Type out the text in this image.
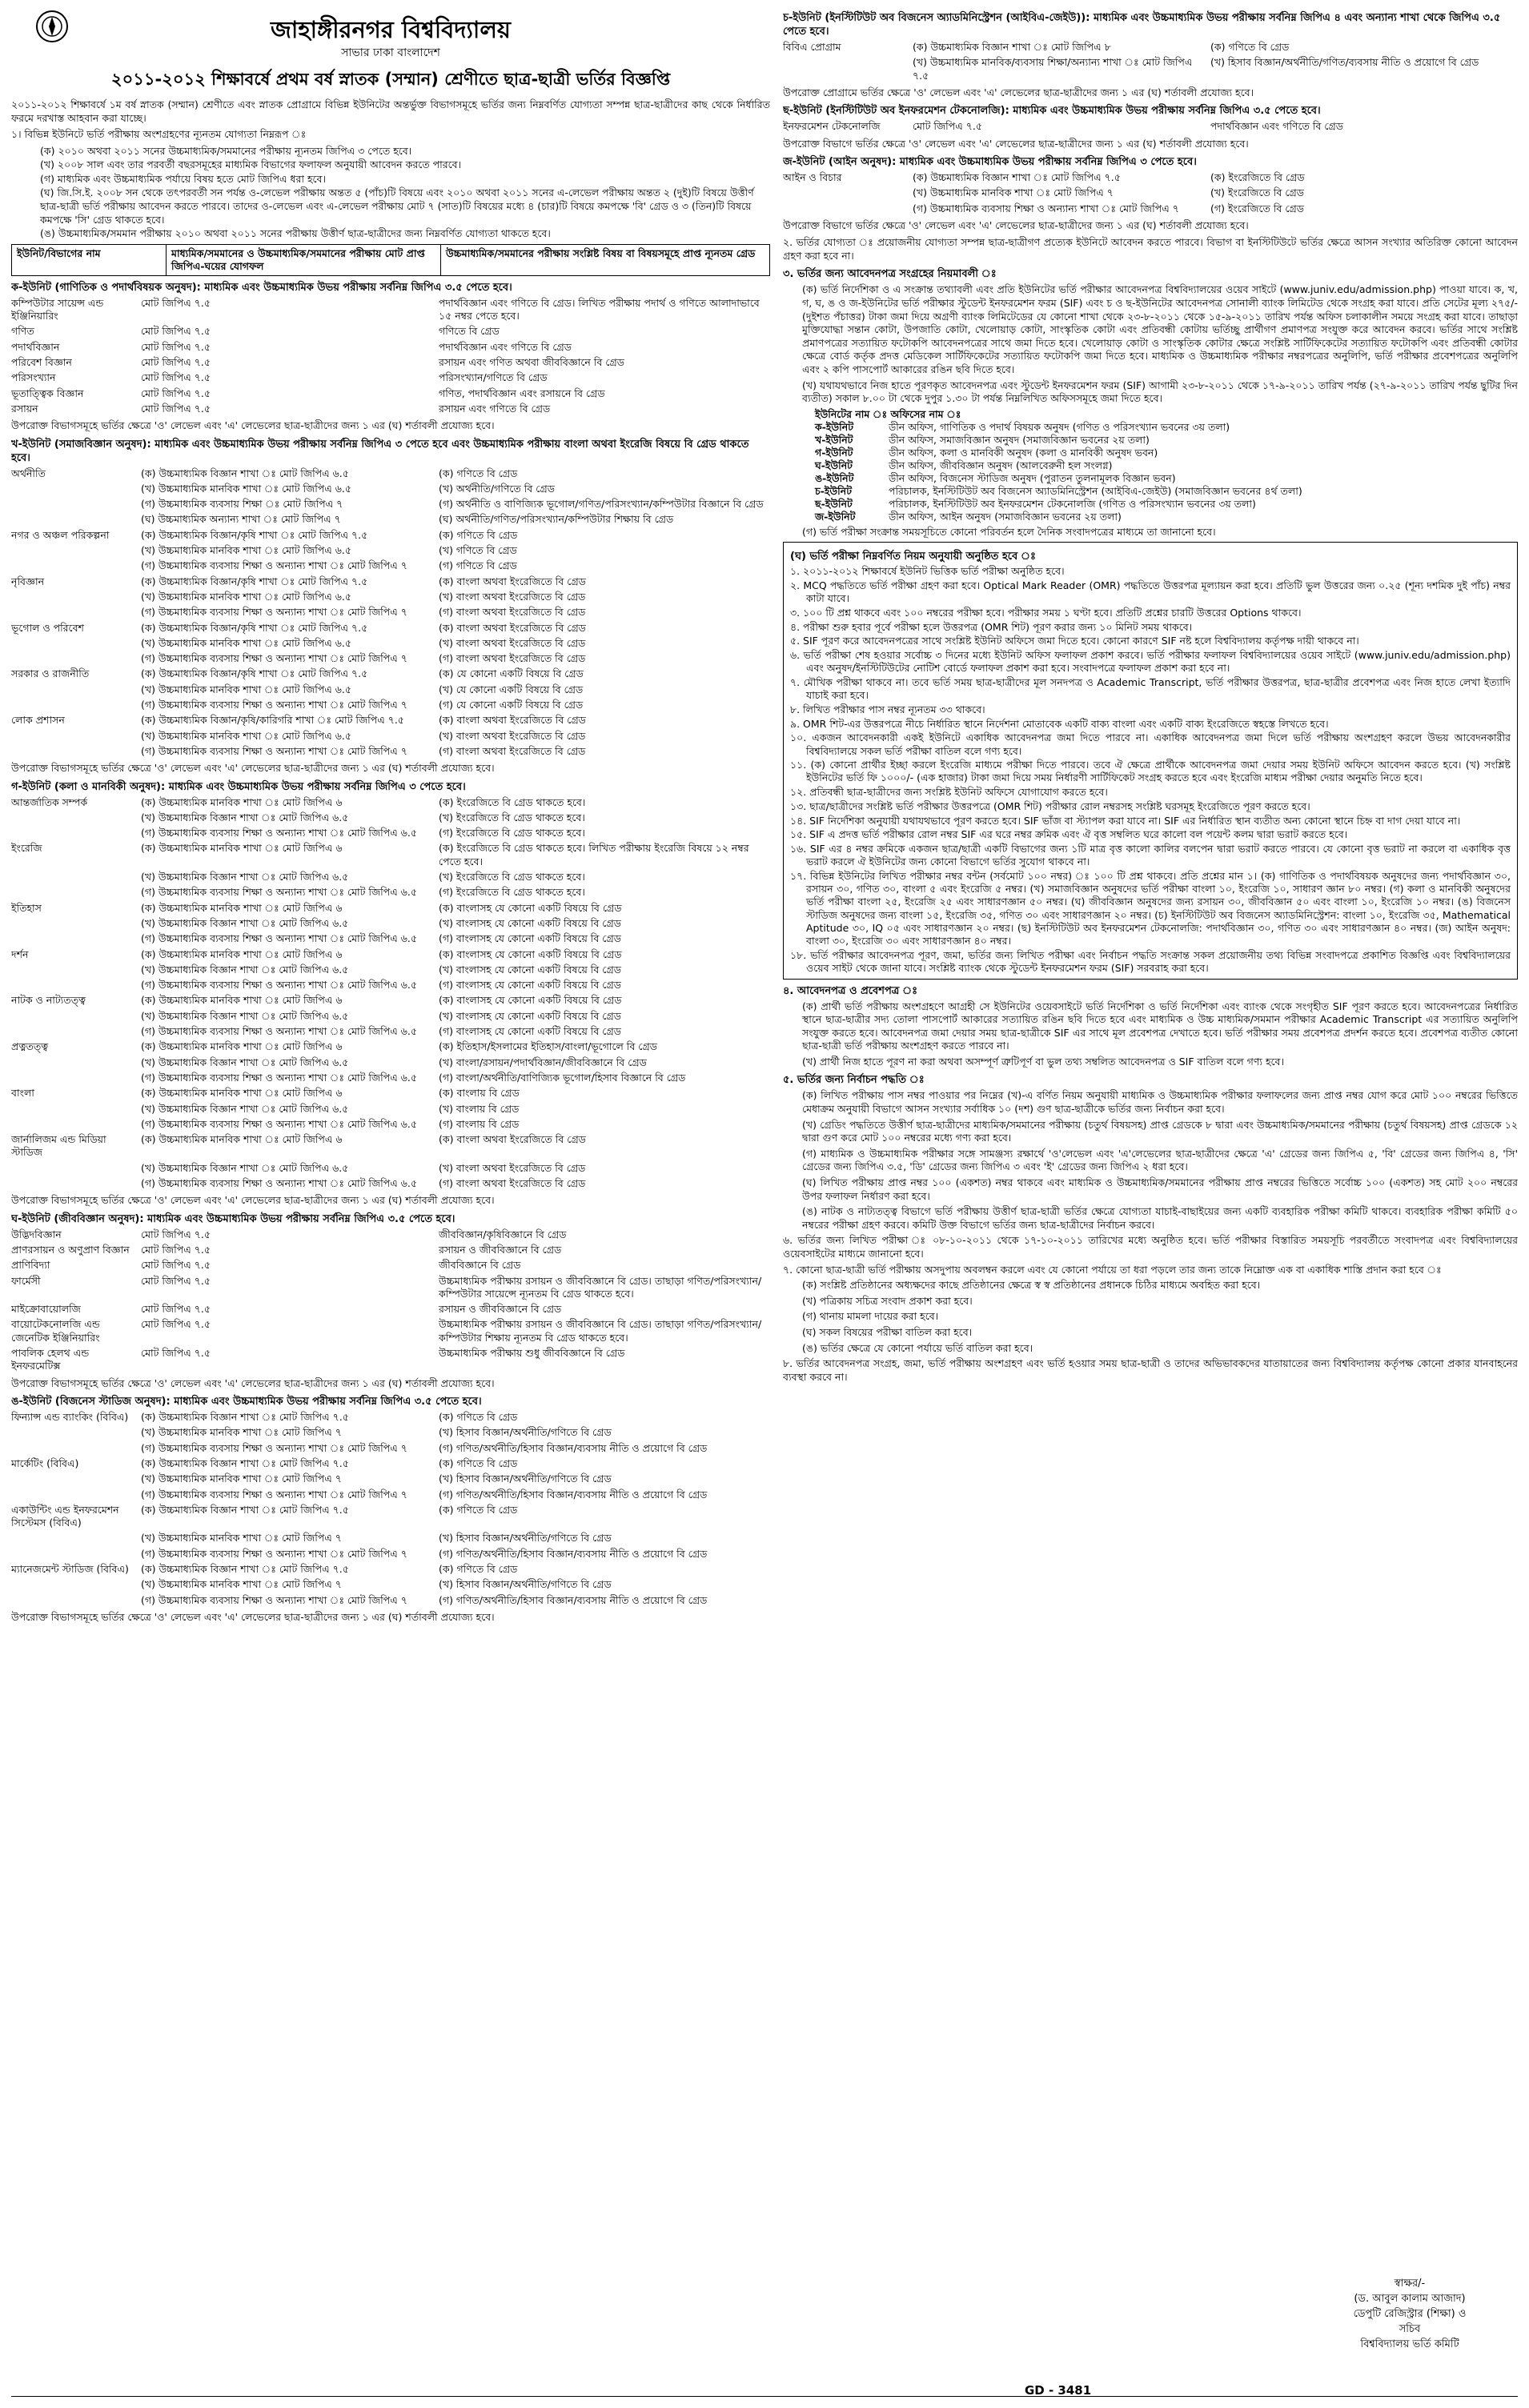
জাহাঙ্গীরনগর বিশ্ববিদ্যালয়
সাভার ঢাকা বাংলাদেশ
২০১১-২০১২ শিক্ষাবর্ষে প্রথম বর্ষ স্নাতক (সম্মান) শ্রেণীতে ছাত্র-ছাত্রী ভর্তির বিজ্ঞপ্তি
২০১১-২০১২ শিক্ষাবর্ষে ১ম বর্ষ স্নাতক (সম্মান) শ্রেণীতে এবং স্নাতক প্রোগ্রামে বিভিন্ন ইউনিটের অন্তর্ভুক্ত বিভাগসমূহে ভর্তির জন্য নিম্নবর্ণিত যোগ্যতা সম্পন্ন ছাত্র-ছাত্রীদের কাছ থেকে নির্ধারিত ফরমে দরখাস্ত আহবান করা যাচ্ছে।
১। বিভিন্ন ইউনিটে ভর্তি পরীক্ষায় অংশগ্রহণের ন্যূনতম যোগ্যতা নিম্নরূপ ঃ
(ক) ২০১০ অথবা ২০১১ সনের উচ্চমাধ্যমিক/সমমানের পরীক্ষায় ন্যূনতম জিপিএ ৩ পেতে হবে।
(খ) ২০০৮ সাল এবং তার পরবর্তী বছরসমূহের মাধ্যমিক বিভাগের ফলাফল অনুযায়ী আবেদন করতে পারবে।
(গ) মাধ্যমিক এবং উচ্চমাধ্যমিক পর্যায়ে বিষয় হতে মোট জিপিএ ধরা হবে।
(ঘ) জি.সি.ই. ২০০৮ সন থেকে তৎপরবর্তী সন পর্যন্ত ও-লেভেল পরীক্ষায় অন্তত ৫ (পাঁচ)টি বিষয়ে এবং ২০১০ অথবা ২০১১ সনের এ-লেভেল পরীক্ষায় অন্তত ২ (দুই)টি বিষয়ে উত্তীর্ণ ছাত্র-ছাত্রী ভর্তি পরীক্ষায় আবেদন করতে পারবে। তাদের ও-লেভেল এবং এ-লেভেল পরীক্ষায় মোট ৭ (সাত)টি বিষয়ের মধ্যে ৪ (চার)টি বিষয়ে কমপক্ষে 'বি' গ্রেড ও ৩ (তিন)টি বিষয়ে কমপক্ষে 'সি' গ্রেড থাকতে হবে।
(ঙ) উচ্চমাধ্যমিক/সমমান পরীক্ষায় ২০১০ অথবা ২০১১ সনের পরীক্ষায় উত্তীর্ণ ছাত্র-ছাত্রীদের জন্য নিম্নবর্ণিত যোগ্যতা থাকতে হবে।
ইউনিট/বিভাগের নাম	মাধ্যমিক/সমমানের ও উচ্চমাধ্যমিক/সমমানের পরীক্ষায় মোট প্রাপ্ত জিপিএ-ঘয়ের যোগফল	উচ্চমাধ্যমিক/সমমানের পরীক্ষায় সংশ্লিষ্ট বিষয় বা বিষয়সমূহে প্রাপ্ত ন্যূনতম গ্রেড
ক-ইউনিট (গাণিতিক ও পদার্থবিষয়ক অনুষদ): মাধ্যমিক এবং উচ্চমাধ্যমিক উভয় পরীক্ষায় সর্বনিম্ন জিপিএ ৩.৫ পেতে হবে।
কম্পিউটার সায়েন্স এন্ড ইঞ্জিনিয়ারিং
মোট জিপিএ ৭.৫	পদার্থবিজ্ঞান এবং গণিতে বি গ্রেড। লিখিত পরীক্ষায় পদার্থ ও গণিতে আলাদাভাবে ১৫ নম্বর পেতে হবে।
গণিত	মোট জিপিএ ৭.৫	গণিতে বি গ্রেড
পদার্থবিজ্ঞান	মোট জিপিএ ৭.৫	পদার্থবিজ্ঞান এবং গণিতে বি গ্রেড
পরিবেশ বিজ্ঞান	মোট জিপিএ ৭.৫	রসায়ন এবং গণিত অথবা জীববিজ্ঞানে বি গ্রেড
পরিসংখ্যান	মোট জিপিএ ৭.৫	পরিসংখ্যান/গণিতে বি গ্রেড
ভূতাত্ত্বিক বিজ্ঞান	মোট জিপিএ ৭.৫	গণিত, পদার্থবিজ্ঞান এবং রসায়নে বি গ্রেড
রসায়ন	মোট জিপিএ ৭.৫	রসায়ন এবং গণিতে বি গ্রেড
উপরোক্ত বিভাগসমূহে ভর্তির ক্ষেত্রে 'ও' লেভেল এবং 'এ' লেভেলের ছাত্র-ছাত্রীদের জন্য ১ এর (ঘ) শর্তাবলী প্রযোজ্য হবে।
খ-ইউনিট (সমাজবিজ্ঞান অনুষদ): মাধ্যমিক এবং উচ্চমাধ্যমিক উভয় পরীক্ষায় সর্বনিম্ন জিপিএ ৩ পেতে হবে এবং উচ্চমাধ্যমিক পরীক্ষায় বাংলা অথবা ইংরেজি বিষয়ে বি গ্রেড থাকতে হবে।
অর্থনীতি	(ক) উচ্চমাধ্যমিক বিজ্ঞান শাখা ঃ মোট জিপিএ ৬.৫	(ক) গণিতে বি গ্রেড
(খ) উচ্চমাধ্যমিক মানবিক শাখা ঃ মোট জিপিএ ৬.৫	(খ) অর্থনীতি/গণিতে বি গ্রেড
(গ) উচ্চমাধ্যমিক ব্যবসায় শিক্ষা ঃ মোট জিপিএ ৭	(গ) অর্থনীতি ও বাণিজ্যিক ভূগোল/গণিত/পরিসংখ্যান/কম্পিউটার বিজ্ঞানে বি গ্রেড
(ঘ) উচ্চমাধ্যমিক অন্যান্য শাখা ঃ মোট জিপিএ ৭	(ঘ) অর্থনীতি/গণিত/পরিসংখ্যান/কম্পিউটার শিক্ষায় বি গ্রেড
নগর ও অঞ্চল পরিকল্পনা	(ক) উচ্চমাধ্যমিক বিজ্ঞান/কৃষি শাখা ঃ মোট জিপিএ ৭.৫	(ক) গণিতে বি গ্রেড
(খ) উচ্চমাধ্যমিক মানবিক শাখা ঃ মোট জিপিএ ৬.৫	(খ) গণিতে বি গ্রেড
(গ) উচ্চমাধ্যমিক ব্যবসায় শিক্ষা ও অন্যান্য শাখা ঃ মোট জিপিএ ৭	(গ) গণিতে বি গ্রেড
নৃবিজ্ঞান	(ক) উচ্চমাধ্যমিক বিজ্ঞান/কৃষি শাখা ঃ মোট জিপিএ ৭.৫	(ক) বাংলা অথবা ইংরেজিতে বি গ্রেড
(খ) উচ্চমাধ্যমিক মানবিক শাখা ঃ মোট জিপিএ ৬.৫	(খ) বাংলা অথবা ইংরেজিতে বি গ্রেড
(গ) উচ্চমাধ্যমিক ব্যবসায় শিক্ষা ও অন্যান্য শাখা ঃ মোট জিপিএ ৭	(গ) বাংলা অথবা ইংরেজিতে বি গ্রেড
ভূগোল ও পরিবেশ	(ক) উচ্চমাধ্যমিক বিজ্ঞান/কৃষি শাখা ঃ মোট জিপিএ ৭.৫	(ক) বাংলা অথবা ইংরেজিতে বি গ্রেড
(খ) উচ্চমাধ্যমিক মানবিক শাখা ঃ মোট জিপিএ ৬.৫	(খ) বাংলা অথবা ইংরেজিতে বি গ্রেড
(গ) উচ্চমাধ্যমিক ব্যবসায় শিক্ষা ও অন্যান্য শাখা ঃ মোট জিপিএ ৭	(গ) বাংলা অথবা ইংরেজিতে বি গ্রেড
সরকার ও রাজনীতি	(ক) উচ্চমাধ্যমিক বিজ্ঞান/কৃষি শাখা ঃ মোট জিপিএ ৭.৫	(ক) যে কোনো একটি বিষয়ে বি গ্রেড
(খ) উচ্চমাধ্যমিক মানবিক শাখা ঃ মোট জিপিএ ৬.৫	(খ) যে কোনো একটি বিষয়ে বি গ্রেড
(গ) উচ্চমাধ্যমিক ব্যবসায় শিক্ষা ও অন্যান্য শাখা ঃ মোট জিপিএ ৭	(গ) যে কোনো একটি বিষয়ে বি গ্রেড
লোক প্রশাসন	(ক) উচ্চমাধ্যমিক বিজ্ঞান/কৃষি/কারিগরি শাখা ঃ মোট জিপিএ ৭.৫	(ক) বাংলা অথবা ইংরেজিতে বি গ্রেড
(খ) উচ্চমাধ্যমিক মানবিক শাখা ঃ মোট জিপিএ ৬.৫	(খ) বাংলা অথবা ইংরেজিতে বি গ্রেড
(গ) উচ্চমাধ্যমিক ব্যবসায় শিক্ষা ও অন্যান্য শাখা ঃ মোট জিপিএ ৭	(গ) বাংলা অথবা ইংরেজিতে বি গ্রেড
উপরোক্ত বিভাগসমূহে ভর্তির ক্ষেত্রে 'ও' লেভেল এবং 'এ' লেভেলের ছাত্র-ছাত্রীদের জন্য ১ এর (ঘ) শর্তাবলী প্রযোজ্য হবে।
গ-ইউনিট (কলা ও মানবিকী অনুষদ): মাধ্যমিক এবং উচ্চমাধ্যমিক উভয় পরীক্ষায় সর্বনিম্ন জিপিএ ৩ পেতে হবে।
আন্তর্জাতিক সম্পর্ক	(ক) উচ্চমাধ্যমিক মানবিক শাখা ঃ মোট জিপিএ ৬	(ক) ইংরেজিতে বি গ্রেড থাকতে হবে।
(খ) উচ্চমাধ্যমিক বিজ্ঞান শাখা ঃ মোট জিপিএ ৬.৫	(খ) ইংরেজিতে বি গ্রেড থাকতে হবে।
(গ) উচ্চমাধ্যমিক ব্যবসায় শিক্ষা ও অন্যান্য শাখা ঃ মোট জিপিএ ৬.৫	(গ) ইংরেজিতে বি গ্রেড থাকতে হবে।
ইংরেজি	(ক) উচ্চমাধ্যমিক মানবিক শাখা ঃ মোট জিপিএ ৬	(ক) ইংরেজিতে বি গ্রেড থাকতে হবে। লিখিত পরীক্ষায় ইংরেজি বিষয়ে ১২ নম্বর পেতে হবে।
(খ) উচ্চমাধ্যমিক বিজ্ঞান শাখা ঃ মোট জিপিএ ৬.৫	(খ) ইংরেজিতে বি গ্রেড থাকতে হবে।
(গ) উচ্চমাধ্যমিক ব্যবসায় শিক্ষা ও অন্যান্য শাখা ঃ মোট জিপিএ ৬.৫	(গ) ইংরেজিতে বি গ্রেড থাকতে হবে।
ইতিহাস	(ক) উচ্চমাধ্যমিক মানবিক শাখা ঃ মোট জিপিএ ৬	(ক) বাংলাসহ যে কোনো একটি বিষয়ে বি গ্রেড
(খ) উচ্চমাধ্যমিক বিজ্ঞান শাখা ঃ মোট জিপিএ ৬.৫	(খ) বাংলাসহ যে কোনো একটি বিষয়ে বি গ্রেড
(গ) উচ্চমাধ্যমিক ব্যবসায় শিক্ষা ও অন্যান্য শাখা ঃ মোট জিপিএ ৬.৫	(গ) বাংলাসহ যে কোনো একটি বিষয়ে বি গ্রেড
দর্শন	(ক) উচ্চমাধ্যমিক মানবিক শাখা ঃ মোট জিপিএ ৬	(ক) বাংলাসহ যে কোনো একটি বিষয়ে বি গ্রেড
(খ) উচ্চমাধ্যমিক বিজ্ঞান শাখা ঃ মোট জিপিএ ৬.৫	(খ) বাংলাসহ যে কোনো একটি বিষয়ে বি গ্রেড
(গ) উচ্চমাধ্যমিক ব্যবসায় শিক্ষা ও অন্যান্য শাখা ঃ মোট জিপিএ ৬.৫	(গ) বাংলাসহ যে কোনো একটি বিষয়ে বি গ্রেড
নাটক ও নাট্যতত্ত্ব	(ক) উচ্চমাধ্যমিক মানবিক শাখা ঃ মোট জিপিএ ৬	(ক) বাংলাসহ যে কোনো একটি বিষয়ে বি গ্রেড
(খ) উচ্চমাধ্যমিক বিজ্ঞান শাখা ঃ মোট জিপিএ ৬.৫	(খ) বাংলাসহ যে কোনো একটি বিষয়ে বি গ্রেড
(গ) উচ্চমাধ্যমিক ব্যবসায় শিক্ষা ও অন্যান্য শাখা ঃ মোট জিপিএ ৬.৫	(গ) বাংলাসহ যে কোনো একটি বিষয়ে বি গ্রেড
প্রত্নতত্ত্ব	(ক) উচ্চমাধ্যমিক মানবিক শাখা ঃ মোট জিপিএ ৬	(ক) ইতিহাস/ইসলামের ইতিহাস/বাংলা/ভূগোলে বি গ্রেড
(খ) উচ্চমাধ্যমিক বিজ্ঞান শাখা ঃ মোট জিপিএ ৬.৫	(খ) বাংলা/রসায়ন/পদার্থবিজ্ঞান/জীববিজ্ঞানে বি গ্রেড
(গ) উচ্চমাধ্যমিক ব্যবসায় শিক্ষা ও অন্যান্য শাখা ঃ মোট জিপিএ ৬.৫	(গ) বাংলা/অর্থনীতি/বাণিজ্যিক ভূগোল/হিসাব বিজ্ঞানে বি গ্রেড
বাংলা	(ক) উচ্চমাধ্যমিক মানবিক শাখা ঃ মোট জিপিএ ৬	(ক) বাংলায় বি গ্রেড
(খ) উচ্চমাধ্যমিক বিজ্ঞান শাখা ঃ মোট জিপিএ ৬.৫	(খ) বাংলায় বি গ্রেড
(গ) উচ্চমাধ্যমিক ব্যবসায় শিক্ষা ও অন্যান্য শাখা ঃ মোট জিপিএ ৬.৫	(গ) বাংলায় বি গ্রেড
জার্নালিজম এন্ড মিডিয়া স্টাডিজ
(ক) উচ্চমাধ্যমিক মানবিক শাখা ঃ মোট জিপিএ ৬	(ক) বাংলা অথবা ইংরেজিতে বি গ্রেড
(খ) উচ্চমাধ্যমিক বিজ্ঞান শাখা ঃ মোট জিপিএ ৬.৫	(খ) বাংলা অথবা ইংরেজিতে বি গ্রেড
(গ) উচ্চমাধ্যমিক ব্যবসায় শিক্ষা ও অন্যান্য শাখা ঃ মোট জিপিএ ৬.৫	(গ) বাংলা অথবা ইংরেজিতে বি গ্রেড
উপরোক্ত বিভাগসমূহে ভর্তির ক্ষেত্রে 'ও' লেভেল এবং 'এ' লেভেলের ছাত্র-ছাত্রীদের জন্য ১ এর (ঘ) শর্তাবলী প্রযোজ্য হবে।
ঘ-ইউনিট (জীববিজ্ঞান অনুষদ): মাধ্যমিক এবং উচ্চমাধ্যমিক উভয় পরীক্ষায় সর্বনিম্ন জিপিএ ৩.৫ পেতে হবে।
উদ্ভিদবিজ্ঞান	মোট জিপিএ ৭.৫	জীববিজ্ঞান/কৃষিবিজ্ঞানে বি গ্রেড
প্রাণরসায়ন ও অণুপ্রাণ বিজ্ঞান মোট জিপিএ ৭.৫	রসায়ন ও জীববিজ্ঞানে বি গ্রেড
প্রাণিবিদ্যা	মোট জিপিএ ৭.৫	জীববিজ্ঞানে বি গ্রেড
ফার্মেসী	মোট জিপিএ ৭.৫	উচ্চমাধ্যমিক পরীক্ষায় রসায়ন ও জীববিজ্ঞানে বি গ্রেড। তাছাড়া গণিত/পরিসংখ্যান/কম্পিউটার সায়েন্সে ন্যূনতম বি গ্রেড থাকতে হবে।
মাইক্রোবায়োলজি	মোট জিপিএ ৭.৫	রসায়ন ও জীববিজ্ঞানে বি গ্রেড
বায়োটেকনোলজি এন্ড জেনেটিক ইঞ্জিনিয়ারিং
মোট জিপিএ ৭.৫	উচ্চমাধ্যমিক পরীক্ষায় রসায়ন ও জীববিজ্ঞানে বি গ্রেড। তাছাড়া গণিত/পরিসংখ্যান/কম্পিউটার শিক্ষায় ন্যূনতম বি গ্রেড থাকতে হবে।
পাবলিক হেলথ এন্ড ইনফরমেটিক্স
মোট জিপিএ ৭.৫	উচ্চমাধ্যমিক পরীক্ষায় শুধু জীববিজ্ঞানে বি গ্রেড
উপরোক্ত বিভাগসমূহে ভর্তির ক্ষেত্রে 'ও' লেভেল এবং 'এ' লেভেলের ছাত্র-ছাত্রীদের জন্য ১ এর (ঘ) শর্তাবলী প্রযোজ্য হবে।
ঙ-ইউনিট (বিজনেস স্টাডিজ অনুষদ): মাধ্যমিক এবং উচ্চমাধ্যমিক উভয় পরীক্ষায় সর্বনিম্ন জিপিএ ৩.৫ পেতে হবে।
ফিন্যান্স এন্ড ব্যাংকিং (বিবিএ) (ক) উচ্চমাধ্যমিক বিজ্ঞান শাখা ঃ মোট জিপিএ ৭.৫	(ক) গণিতে বি গ্রেড
(খ) উচ্চমাধ্যমিক মানবিক শাখা ঃ মোট জিপিএ ৭	(খ) হিসাব বিজ্ঞান/অর্থনীতি/গণিতে বি গ্রেড
(গ) উচ্চমাধ্যমিক ব্যবসায় শিক্ষা ও অন্যান্য শাখা ঃ মোট জিপিএ ৭	(গ) গণিত/অর্থনীতি/হিসাব বিজ্ঞান/ব্যবসায় নীতি ও প্রয়োগে বি গ্রেড
মার্কেটিং (বিবিএ)	(ক) উচ্চমাধ্যমিক বিজ্ঞান শাখা ঃ মোট জিপিএ ৭.৫	(ক) গণিতে বি গ্রেড
(খ) উচ্চমাধ্যমিক মানবিক শাখা ঃ মোট জিপিএ ৭	(খ) হিসাব বিজ্ঞান/অর্থনীতি/গণিতে বি গ্রেড
(গ) উচ্চমাধ্যমিক ব্যবসায় শিক্ষা ও অন্যান্য শাখা ঃ মোট জিপিএ ৭	(গ) গণিত/অর্থনীতি/হিসাব বিজ্ঞান/ব্যবসায় নীতি ও প্রয়োগে বি গ্রেড
একাউন্টিং এন্ড ইনফরমেশন সিস্টেমস (বিবিএ)
(ক) উচ্চমাধ্যমিক বিজ্ঞান শাখা ঃ মোট জিপিএ ৭.৫	(ক) গণিতে বি গ্রেড
(খ) উচ্চমাধ্যমিক মানবিক শাখা ঃ মোট জিপিএ ৭	(খ) হিসাব বিজ্ঞান/অর্থনীতি/গণিতে বি গ্রেড
(গ) উচ্চমাধ্যমিক ব্যবসায় শিক্ষা ও অন্যান্য শাখা ঃ মোট জিপিএ ৭	(গ) গণিত/অর্থনীতি/হিসাব বিজ্ঞান/ব্যবসায় নীতি ও প্রয়োগে বি গ্রেড
ম্যানেজমেন্ট স্টাডিজ (বিবিএ) (ক) উচ্চমাধ্যমিক বিজ্ঞান শাখা ঃ মোট জিপিএ ৭.৫	(ক) গণিতে বি গ্রেড
(খ) উচ্চমাধ্যমিক মানবিক শাখা ঃ মোট জিপিএ ৭	(খ) হিসাব বিজ্ঞান/অর্থনীতি/গণিতে বি গ্রেড
(গ) উচ্চমাধ্যমিক ব্যবসায় শিক্ষা ও অন্যান্য শাখা ঃ মোট জিপিএ ৭	(গ) গণিত/অর্থনীতি/হিসাব বিজ্ঞান/ব্যবসায় নীতি ও প্রয়োগে বি গ্রেড
উপরোক্ত বিভাগসমূহে ভর্তির ক্ষেত্রে 'ও' লেভেল এবং 'এ' লেভেলের ছাত্র-ছাত্রীদের জন্য ১ এর (ঘ) শর্তাবলী প্রযোজ্য হবে।
চ-ইউনিট (ইনস্টিটিউট অব বিজনেস অ্যাডমিনিস্ট্রেশন (আইবিএ-জেইউ)): মাধ্যমিক এবং উচ্চমাধ্যমিক উভয় পরীক্ষায় সর্বনিম্ন জিপিএ ৪ এবং অন্যান্য শাখা থেকে জিপিএ ৩.৫ পেতে হবে।
বিবিএ প্রোগ্রাম	(ক) উচ্চমাধ্যমিক বিজ্ঞান শাখা ঃ মোট জিপিএ ৮	(ক) গণিতে বি গ্রেড
(খ) উচ্চমাধ্যমিক মানবিক/ব্যবসায় শিক্ষা/অন্যান্য শাখা ঃ মোট জিপিএ ৭.৫
(খ) হিসাব বিজ্ঞান/অর্থনীতি/গণিত/ব্যবসায় নীতি ও প্রয়োগে বি গ্রেড
উপরোক্ত প্রোগ্রামে ভর্তির ক্ষেত্রে 'ও' লেভেল এবং 'এ' লেভেলের ছাত্র-ছাত্রীদের জন্য ১ এর (ঘ) শর্তাবলী প্রযোজ্য হবে।
ছ-ইউনিট (ইনস্টিটিউট অব ইনফরমেশন টেকনোলজি): মাধ্যমিক এবং উচ্চমাধ্যমিক উভয় পরীক্ষায় সর্বনিম্ন জিপিএ ৩.৫ পেতে হবে।
ইনফরমেশন টেকনোলজি	মোট জিপিএ ৭.৫	পদার্থবিজ্ঞান এবং গণিতে বি গ্রেড
উপরোক্ত বিভাগে ভর্তির ক্ষেত্রে 'ও' লেভেল এবং 'এ' লেভেলের ছাত্র-ছাত্রীদের জন্য ১ এর (ঘ) শর্তাবলী প্রযোজ্য হবে।
জ-ইউনিট (আইন অনুষদ): মাধ্যমিক এবং উচ্চমাধ্যমিক উভয় পরীক্ষায় সর্বনিম্ন জিপিএ ৩ পেতে হবে।
আইন ও বিচার	(ক) উচ্চমাধ্যমিক বিজ্ঞান শাখা ঃ মোট জিপিএ ৭.৫	(ক) ইংরেজিতে বি গ্রেড
(খ) উচ্চমাধ্যমিক মানবিক শাখা ঃ মোট জিপিএ ৭	(খ) ইংরেজিতে বি গ্রেড
(গ) উচ্চমাধ্যমিক ব্যবসায় শিক্ষা ও অন্যান্য শাখা ঃ মোট জিপিএ ৭	(গ) ইংরেজিতে বি গ্রেড
উপরোক্ত বিভাগে ভর্তির ক্ষেত্রে 'ও' লেভেল এবং 'এ' লেভেলের ছাত্র-ছাত্রীদের জন্য ১ এর (ঘ) শর্তাবলী প্রযোজ্য হবে।
২. ভর্তির যোগ্যতা ঃ প্রয়োজনীয় যোগ্যতা সম্পন্ন ছাত্র-ছাত্রীগণ প্রত্যেক ইউনিটে আবেদন করতে পারবে। বিভাগ বা ইনস্টিটিউটে ভর্তির ক্ষেত্রে আসন সংখ্যার অতিরিক্ত কোনো আবেদন গ্রহণ করা হবে না।
৩. ভর্তির জন্য আবেদনপত্র সংগ্রহের নিয়মাবলী ঃ
(ক) ভর্তি নির্দেশিকা ও এ সংক্রান্ত তথ্যাবলী এবং প্রতি ইউনিটের ভর্তি পরীক্ষার আবেদনপত্র বিশ্ববিদ্যালয়ের ওয়েব সাইটে (www.juniv.edu/admission.php) পাওয়া যাবে। ক, খ, গ, ঘ, ঙ ও জ-ইউনিটের ভর্তি পরীক্ষার স্টুডেন্ট ইনফরমেশন ফরম (SIF) এবং চ ও ছ-ইউনিটের আবেদনপত্র সোনালী ব্যাংক লিমিটেড থেকে সংগ্রহ করা যাবে। প্রতি সেটের মূল্য ২৭৫/- (দুইশত পঁচাত্তর) টাকা জমা দিয়ে অগ্রণী ব্যাংক লিমিটেডের যে কোনো শাখা থেকে ২৩-৮-২০১১ থেকে ১৫-৯-২০১১ তারিখ পর্যন্ত অফিস চলাকালীন সময়ে সংগ্রহ করা যাবে। তাছাড়া মুক্তিযোদ্ধা সন্তান কোটা, উপজাতি কোটা, খেলোয়াড় কোটা, সাংস্কৃতিক কোটা এবং প্রতিবন্ধী কোটায় ভর্তিচ্ছু প্রার্থীগণ প্রমাণপত্র সংযুক্ত করে আবেদন করবে। ভর্তির সাথে সংশ্লিষ্ট প্রমাণপত্রের সত্যায়িত ফটোকপি আবেদনপত্রের সাথে জমা দিতে হবে। খেলোয়াড় কোটা ও সাংস্কৃতিক কোটার ক্ষেত্রে সংশ্লিষ্ট সার্টিফিকেটের সত্যায়িত ফটোকপি এবং প্রতিবন্ধী কোটার ক্ষেত্রে বোর্ড কর্তৃক প্রদত্ত মেডিকেল সার্টিফিকেটের সত্যায়িত ফটোকপি জমা দিতে হবে। মাধ্যমিক ও উচ্চমাধ্যমিক পরীক্ষার নম্বরপত্রের অনুলিপি, ভর্তি পরীক্ষার প্রবেশপত্রের অনুলিপি এবং ২ কপি পাসপোর্ট আকারের রঙিন ছবি দিতে হবে।
(খ) যথাযথভাবে নিজ হাতে পূরণকৃত আবেদনপত্র এবং স্টুডেন্ট ইনফরমেশন ফরম (SIF) আগামী ২৩-৮-২০১১ থেকে ১৭-৯-২০১১ তারিখ পর্যন্ত (২৭-৯-২০১১ তারিখ পর্যন্ত ছুটির দিন ব্যতীত) সকাল ৮.০০ টা থেকে দুপুর ১.৩০ টা পর্যন্ত নিম্নলিখিত অফিসসমূহে জমা দিতে হবে।
ইউনিটের নাম ঃ অফিসের নাম ঃ
ক-ইউনিট	ডীন অফিস, গাণিতিক ও পদার্থ বিষয়ক অনুষদ (গণিত ও পরিসংখ্যান ভবনের ৩য় তলা)
খ-ইউনিট	ডীন অফিস, সমাজবিজ্ঞান অনুষদ (সমাজবিজ্ঞান ভবনের ২য় তলা)
গ-ইউনিট	ডীন অফিস, কলা ও মানবিকী অনুষদ (কলা ও মানবিকী অনুষদ ভবন)
ঘ-ইউনিট	ডীন অফিস, জীববিজ্ঞান অনুষদ (আলবেরুনী হল সংলগ্ন)
ঙ-ইউনিট	ডীন অফিস, বিজনেস স্টাডিজ অনুষদ (পুরাতন তুলনামূলক বিজ্ঞান ভবন)
চ-ইউনিট	পরিচালক, ইনস্টিটিউট অব বিজনেস অ্যাডমিনিস্ট্রেশন (আইবিএ-জেইউ) (সমাজবিজ্ঞান ভবনের ৪র্থ তলা)
ছ-ইউনিট	পরিচালক, ইনস্টিটিউট অব ইনফরমেশন টেকনোলজি (গণিত ও পরিসংখ্যান ভবনের ৩য় তলা)
জ-ইউনিট	ডীন অফিস, আইন অনুষদ (সমাজবিজ্ঞান ভবনের ২য় তলা)
(গ) ভর্তি পরীক্ষা সংক্রান্ত সময়সূচিতে কোনো পরিবর্তন হলে দৈনিক সংবাদপত্রের মাধ্যমে তা জানানো হবে।
(ঘ) ভর্তি পরীক্ষা নিম্নবর্ণিত নিয়ম অনুযায়ী অনুষ্ঠিত হবে ঃ
১. ২০১১-২০১২ শিক্ষাবর্ষে ইউনিট ভিত্তিক ভর্তি পরীক্ষা অনুষ্ঠিত হবে।
২. MCQ পদ্ধতিতে ভর্তি পরীক্ষা গ্রহণ করা হবে। Optical Mark Reader (OMR) পদ্ধতিতে উত্তরপত্র মূল্যায়ন করা হবে। প্রতিটি ভুল উত্তরের জন্য ০.২৫ (শূন্য দশমিক দুই পাঁচ) নম্বর কাটা যাবে।
৩. ১০০ টি প্রশ্ন থাকবে এবং ১০০ নম্বরের পরীক্ষা হবে। পরীক্ষার সময় ১ ঘণ্টা হবে। প্রতিটি প্রশ্নের চারটি উত্তরের Options থাকবে।
৪. পরীক্ষা শুরু হবার পূর্বে পরীক্ষা হলে উত্তরপত্র (OMR শিট) পূরণ করার জন্য ১০ মিনিট সময় থাকবে।
৫. SIF পূরণ করে আবেদনপত্রের সাথে সংশ্লিষ্ট ইউনিট অফিসে জমা দিতে হবে। কোনো কারণে SIF নষ্ট হলে বিশ্ববিদ্যালয় কর্তৃপক্ষ দায়ী থাকবে না।
৬. ভর্তি পরীক্ষা শেষ হওয়ার সর্বোচ্চ ৩ দিনের মধ্যে ইউনিট অফিস ফলাফল প্রকাশ করবে। ভর্তি পরীক্ষার ফলাফল বিশ্ববিদ্যালয়ের ওয়েব সাইটে (www.juniv.edu/admission.php) এবং অনুষদ/ইনস্টিটিউটের নোটিশ বোর্ডে ফলাফল প্রকাশ করা হবে। সংবাদপত্রে ফলাফল প্রকাশ করা হবে না।
৭. মৌখিক পরীক্ষা থাকবে না। তবে ভর্তি সময় ছাত্র-ছাত্রীদের মূল সনদপত্র ও Academic Transcript, ভর্তি পরীক্ষার উত্তরপত্র, ছাত্র-ছাত্রীর প্রবেশপত্র এবং নিজ হাতে লেখা ইত্যাদি যাচাই করা হবে।
৮. লিখিত পরীক্ষার পাস নম্বর ন্যূনতম ৩৩ থাকবে।
৯. OMR শিট-এর উত্তরপত্রে নীচে নির্ধারিত স্থানে নির্দেশনা মোতাবেক একটি বাক্য বাংলা এবং একটি বাক্য ইংরেজিতে স্বহস্তে লিখতে হবে।
১০. একজন আবেদনকারী একই ইউনিটে একাধিক আবেদনপত্র জমা দিতে পারবে না। একাধিক আবেদনপত্র জমা দিলে ভর্তি পরীক্ষায় অংশগ্রহণ করলে উভয় আবেদনকারীর বিশ্ববিদ্যালয়ে সকল ভর্তি পরীক্ষা বাতিল বলে গণ্য হবে।
১১. (ক) কোনো প্রার্থীর ইচ্ছা করলে ইংরেজি মাধ্যমে পরীক্ষা দিতে পারবে। তবে ঐ ক্ষেত্রে প্রার্থীকে আবেদনপত্র জমা দেয়ার সময় ইউনিট অফিসে আবেদন করতে হবে। (খ) সংশ্লিষ্ট ইউনিটের ভর্তি ফি ১০০০/- (এক হাজার) টাকা জমা দিয়ে সময় নির্ধারণী সার্টিফিকেট সংগ্রহ করতে হবে এবং ইংরেজি মাধ্যম পরীক্ষা দেয়ার অনুমতি নিতে হবে।
১২. প্রতিবন্ধী ছাত্র-ছাত্রীদের জন্য সংশ্লিষ্ট ইউনিট অফিসে যোগাযোগ করতে হবে।
১৩. ছাত্র/ছাত্রীদের সংশ্লিষ্ট ভর্তি পরীক্ষার উত্তরপত্রে (OMR শিট) পরীক্ষার রোল নম্বরসহ সংশ্লিষ্ট ঘরসমূহ ইংরেজিতে পূরণ করতে হবে।
১৪. SIF নির্দেশিকা অনুযায়ী যথাযথভাবে পূরণ করতে হবে। SIF ভাঁজ বা স্ট্যাপল করা যাবে না। SIF এর নির্ধারিত স্থান ব্যতীত অন্য কোনো স্থানে চিহ্ন বা দাগ দেয়া যাবে না।
১৫. SIF এ প্রদত্ত ভর্তি পরীক্ষার রোল নম্বর SIF এর ঘরে নম্বর ক্রমিক এবং ঐ বৃত্ত সম্বলিত ঘরে কালো বল পয়েন্ট কলম দ্বারা ভরাট করতে হবে।
১৬. SIF এর ৪ নম্বর ক্রমিকে একজন ছাত্র/ছাত্রী একটি বিভাগের জন্য ১টি মাত্র বৃত্ত কালো কালির বলপেন দ্বারা ভরাট করতে পারবে। যে কোনো বৃত্ত ভরাট না করলে বা একাধিক বৃত্ত ভরাট করলে ঐ ইউনিটের জন্য কোনো বিভাগে ভর্তির সুযোগ থাকবে না।
১৭. বিভিন্ন ইউনিটের লিখিত পরীক্ষার নম্বর বন্টন (সর্বমোট ১০০ নম্বর) ঃ ১০০ টি প্রশ্ন থাকবে। প্রতি প্রশ্নের মান ১। (ক) গাণিতিক ও পদার্থবিষয়ক অনুষদের জন্য পদার্থবিজ্ঞান ৩০, রসায়ন ৩০, গণিত ৩০, বাংলা ৫ এবং ইংরেজি ৫ নম্বর। (খ) সমাজবিজ্ঞান অনুষদের ভর্তি পরীক্ষা বাংলা ১০, ইংরেজি ১০, সাধারণ জ্ঞান ৮০ নম্বর। (গ) কলা ও মানবিকী অনুষদের ভর্তি পরীক্ষা বাংলা ২৫, ইংরেজি ২৫ এবং সাধারণজ্ঞান ৫০ নম্বর। (ঘ) জীববিজ্ঞান অনুষদের জন্য রসায়ন ৩০, জীববিজ্ঞান ৫০ এবং বাংলা ১০, ইংরেজি ১০ নম্বর। (ঙ) বিজনেস স্টাডিজ অনুষদের জন্য বাংলা ১৫, ইংরেজি ৩৫, গণিত ৩০ এবং সাধারণজ্ঞান ২০ নম্বর। (চ) ইনস্টিটিউট অব বিজনেস অ্যাডমিনিস্ট্রেশন: বাংলা ১০, ইংরেজি ৩৫, Mathematical Aptitude ৩০, IQ ০৫ এবং সাধারণজ্ঞান ২০ নম্বর। (ছ) ইনস্টিটিউট অব ইনফরমেশন টেকনোলজি: পদার্থবিজ্ঞান ৩০, গণিত ৩০ এবং সাধারণজ্ঞান ৪০ নম্বর। (জ) আইন অনুষদ: বাংলা ৩০, ইংরেজি ৩০ এবং সাধারণজ্ঞান ৪০ নম্বর।
১৮. ভর্তি পরীক্ষার আবেদনপত্র পূরণ, জমা, ভর্তির জন্য লিখিত পরীক্ষা এবং নির্বাচন পদ্ধতি সংক্রান্ত সকল প্রয়োজনীয় তথ্য বিভিন্ন সংবাদপত্রে প্রকাশিত বিজ্ঞপ্তি এবং বিশ্ববিদ্যালয়ের ওয়েব সাইট থেকে জানা যাবে। সংশ্লিষ্ট ব্যাংক থেকে স্টুডেন্ট ইনফরমেশন ফরম (SIF) সরবরাহ করা হবে।
৪. আবেদনপত্র ও প্রবেশপত্র ঃ
(ক) প্রার্থী ভর্তি পরীক্ষায় অংশগ্রহণে আগ্রহী সে ইউনিটের ওয়েবসাইটে ভর্তি নির্দেশিকা ও ভর্তি নির্দেশিকা এবং ব্যাংক থেকে সংগৃহীত SIF পূরণ করতে হবে। আবেদনপত্রের নির্ধারিত স্থানে ছাত্র-ছাত্রীর সদ্য তোলা পাসপোর্ট আকারের সত্যায়িত রঙিন ছবি দিতে হবে এবং মাধ্যমিক ও উচ্চ মাধ্যমিক/সমমান পরীক্ষার Academic Transcript এর সত্যায়িত অনুলিপি সংযুক্ত করতে হবে। আবেদনপত্র জমা দেয়ার সময় ছাত্র-ছাত্রীকে SIF এর সাথে মূল প্রবেশপত্র দেখাতে হবে। ভর্তি পরীক্ষার সময় প্রবেশপত্র প্রদর্শন করতে হবে। প্রবেশপত্র ব্যতীত কোনো ছাত্র-ছাত্রী ভর্তি পরীক্ষায় অংশগ্রহণ করতে পারবে না।
(খ) প্রার্থী নিজ হাতে পূরণ না করা অথবা অসম্পূর্ণ ত্রুটিপূর্ণ বা ভুল তথ্য সম্বলিত আবেদনপত্র ও SIF বাতিল বলে গণ্য হবে।
৫. ভর্তির জন্য নির্বাচন পদ্ধতি ঃ
(ক) লিখিত পরীক্ষায় পাস নম্বর পাওয়ার পর নিম্নের (খ)-এ বর্ণিত নিয়ম অনুযায়ী মাধ্যমিক ও উচ্চমাধ্যমিক পরীক্ষার ফলাফলের জন্য প্রাপ্ত নম্বর যোগ করে মোট ১০০ নম্বরের ভিত্তিতে মেধাক্রম অনুযায়ী বিভাগে আসন সংখ্যার সর্বাধিক ১০ (দশ) গুণ ছাত্র-ছাত্রীকে ভর্তির জন্য নির্বাচন করা হবে।
(খ) গ্রেডিং পদ্ধতিতে উত্তীর্ণ ছাত্র-ছাত্রীদের মাধ্যমিক/সমমানের পরীক্ষায় (চতুর্থ বিষয়সহ) প্রাপ্ত গ্রেডকে ৮ দ্বারা এবং উচ্চমাধ্যমিক/সমমানের পরীক্ষায় (চতুর্থ বিষয়সহ) প্রাপ্ত গ্রেডকে ১২ দ্বারা গুণ করে মোট ১০০ নম্বরের মধ্যে গণ্য করা হবে।
(গ) মাধ্যমিক ও উচ্চমাধ্যমিক পরীক্ষার সঙ্গে সামঞ্জস্য রক্ষার্থে 'ও'লেভেল এবং 'এ'লেভেলের ছাত্র-ছাত্রীদের ক্ষেত্রে 'এ' গ্রেডের জন্য জিপিএ ৫, 'বি' গ্রেডের জন্য জিপিএ ৪, 'সি' গ্রেডের জন্য জিপিএ ৩.৫, 'ডি' গ্রেডের জন্য জিপিএ ৩ এবং 'ই' গ্রেডের জন্য জিপিএ ২ ধরা হবে।
(ঘ) লিখিত পরীক্ষায় প্রাপ্ত নম্বর ১০০ (একশত) নম্বর থাকবে এবং মাধ্যমিক ও উচ্চমাধ্যমিক/সমমানের পরীক্ষায় প্রাপ্ত নম্বরের ভিত্তিতে সর্বোচ্চ ১০০ (একশত) সহ মোট ২০০ নম্বরের উপর ফলাফল নির্ধারণ করা হবে।
(ঙ) নাটক ও নাট্যতত্ত্ব বিভাগে ভর্তি পরীক্ষায় উত্তীর্ণ ছাত্র-ছাত্রী ভর্তির ক্ষেত্রে যোগ্যতা যাচাই-বাছাইয়ের জন্য একটি ব্যবহারিক পরীক্ষা কমিটি থাকবে। ব্যবহারিক পরীক্ষা কমিটি ৫০ নম্বরের পরীক্ষা গ্রহণ করবে। কমিটি উক্ত বিভাগে ভর্তির জন্য ছাত্র-ছাত্রীদের নির্বাচন করবে।
৬. ভর্তির জন্য লিখিত পরীক্ষা ঃ ০৮-১০-২০১১ থেকে ১৭-১০-২০১১ তারিখের মধ্যে অনুষ্ঠিত হবে। ভর্তি পরীক্ষার বিস্তারিত সময়সূচি পরবর্তীতে সংবাদপত্র এবং বিশ্ববিদ্যালয়ের ওয়েবসাইটের মাধ্যমে জানানো হবে।
৭. কোনো ছাত্র-ছাত্রী ভর্তি পরীক্ষায় অসদুপায় অবলম্বন করলে এবং যে কোনো পর্যায়ে তা ধরা পড়লে তার জন্য তাকে নিম্নোক্ত এক বা একাধিক শাস্তি প্রদান করা হবে ঃ
(ক) সংশ্লিষ্ট প্রতিষ্ঠানের অধ্যক্ষদের কাছে প্রতিষ্ঠানের ক্ষেত্রে স্ব স্ব প্রতিষ্ঠানের প্রধানকে চিঠির মাধ্যমে অবহিত করা হবে।
(খ) পত্রিকায় সচিত্র সংবাদ প্রকাশ করা হবে।
(গ) থানায় মামলা দায়ের করা হবে।
(ঘ) সকল বিষয়ের পরীক্ষা বাতিল করা হবে।
(ঙ) ভর্তির ক্ষেত্রে যে কোনো পর্যায়ে ভর্তি বাতিল করা হবে।
৮. ভর্তির আবেদনপত্র সংগ্রহ, জমা, ভর্তি পরীক্ষায় অংশগ্রহণ এবং ভর্তি হওয়ার সময় ছাত্র-ছাত্রী ও তাদের অভিভাবকদের যাতায়াতের জন্য বিশ্ববিদ্যালয় কর্তৃপক্ষ কোনো প্রকার যানবাহনের ব্যবস্থা করবে না।
স্বাক্ষর/-
(ড. আবুল কালাম আজাদ)
ডেপুটি রেজিস্ট্রার (শিক্ষা) ও
সচিব
বিশ্ববিদ্যালয় ভর্তি কমিটি
GD - 3481
